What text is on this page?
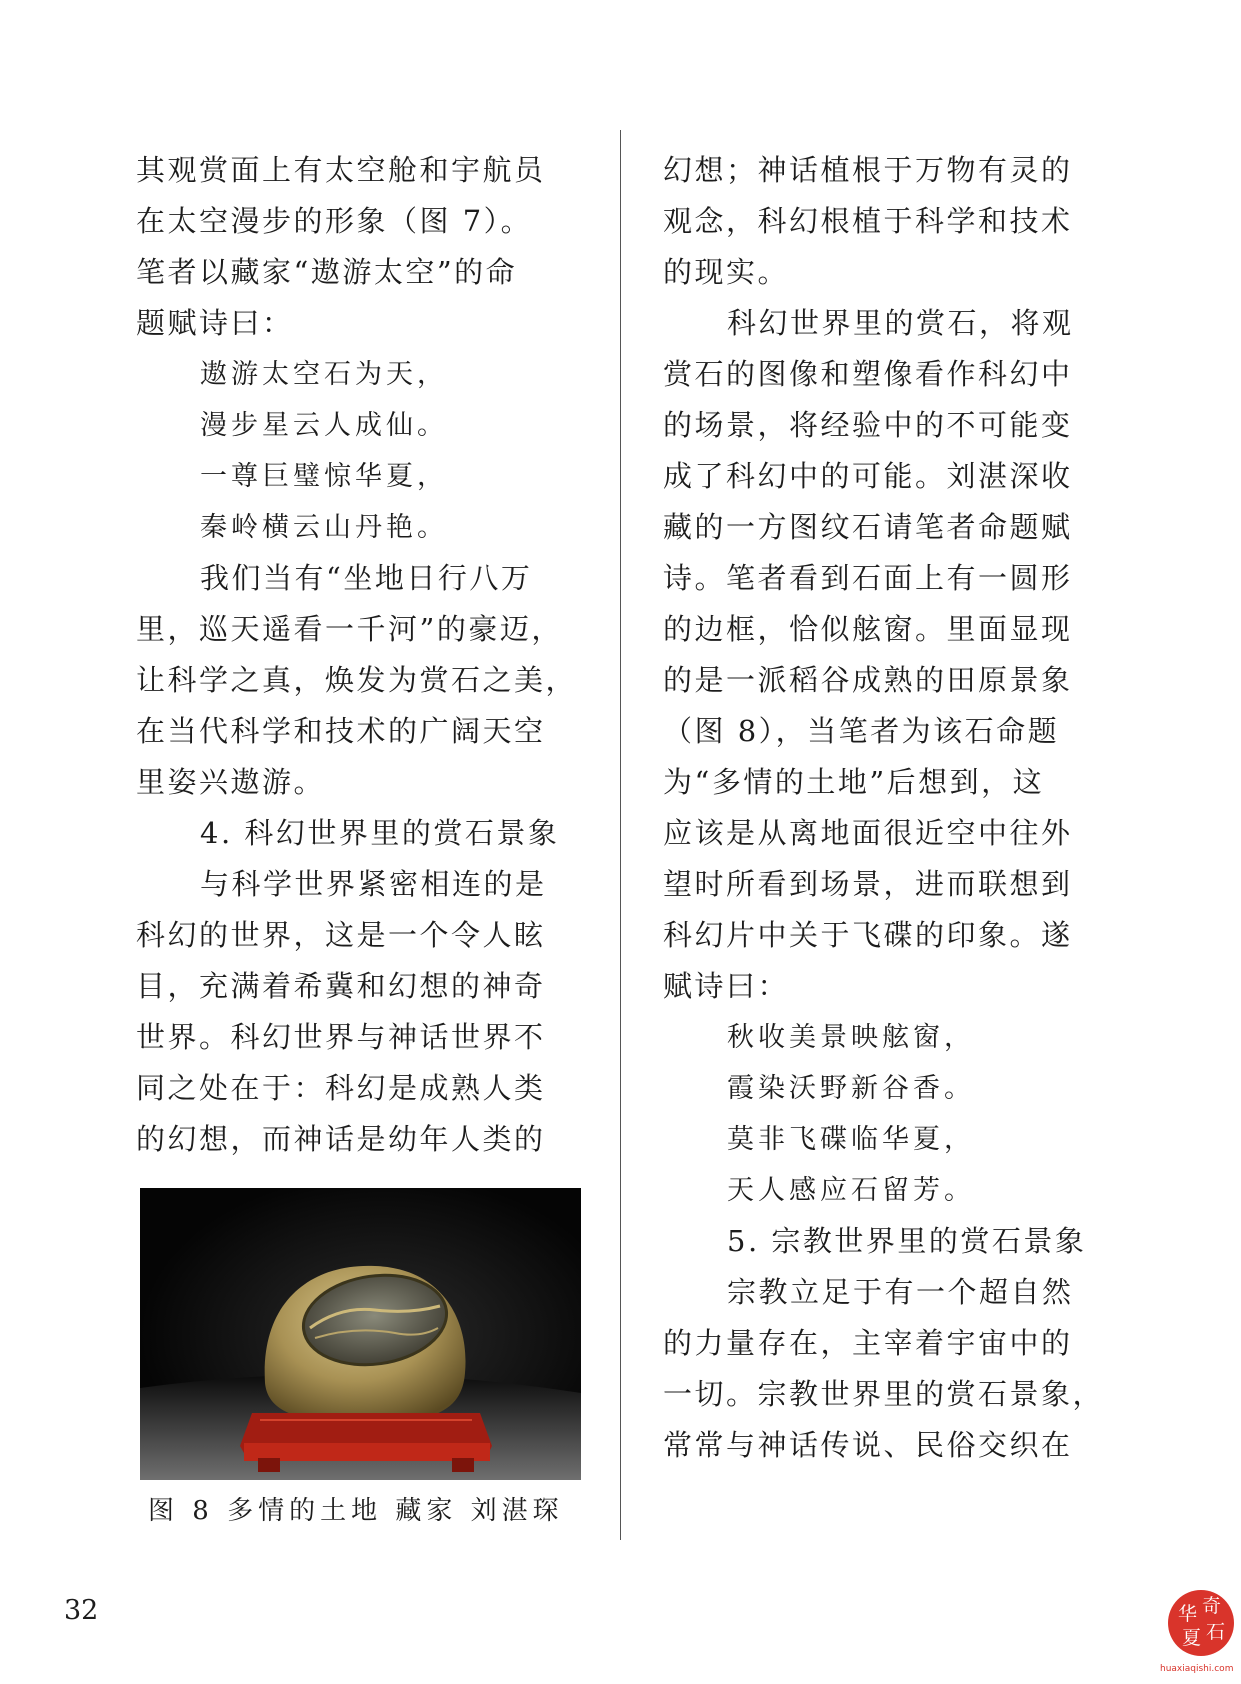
其观赏面上有太空舱和宇航员
在太空漫步的形象（图 7）。
笔者以藏家“遨游太空”的命
题赋诗曰：
遨游太空石为天，
漫步星云人成仙。
一尊巨璧惊华夏，
秦岭横云山丹艳。
我们当有“坐地日行八万
里，巡天遥看一千河”的豪迈，
让科学之真，焕发为赏石之美，
在当代科学和技术的广阔天空
里姿兴遨游。
4. 科幻世界里的赏石景象
与科学世界紧密相连的是
科幻的世界，这是一个令人眩
目，充满着希冀和幻想的神奇
世界。科幻世界与神话世界不
同之处在于：科幻是成熟人类
的幻想，而神话是幼年人类的
幻想；神话植根于万物有灵的
观念，科幻根植于科学和技术
的现实。
科幻世界里的赏石，将观
赏石的图像和塑像看作科幻中
的场景，将经验中的不可能变
成了科幻中的可能。刘湛深收
藏的一方图纹石请笔者命题赋
诗。笔者看到石面上有一圆形
的边框，恰似舷窗。里面显现
的是一派稻谷成熟的田原景象
（图 8），当笔者为该石命题
为“多情的土地”后想到，这
应该是从离地面很近空中往外
望时所看到场景，进而联想到
科幻片中关于飞碟的印象。遂
赋诗曰：
秋收美景映舷窗，
霞染沃野新谷香。
莫非飞碟临华夏，
天人感应石留芳。
5. 宗教世界里的赏石景象
宗教立足于有一个超自然
的力量存在，主宰着宇宙中的
一切。宗教世界里的赏石景象，
常常与神话传说、民俗交织在
图 8 多情的土地 藏家 刘湛琛
32	华 奇
夏 石
huaxiaqishi.com
